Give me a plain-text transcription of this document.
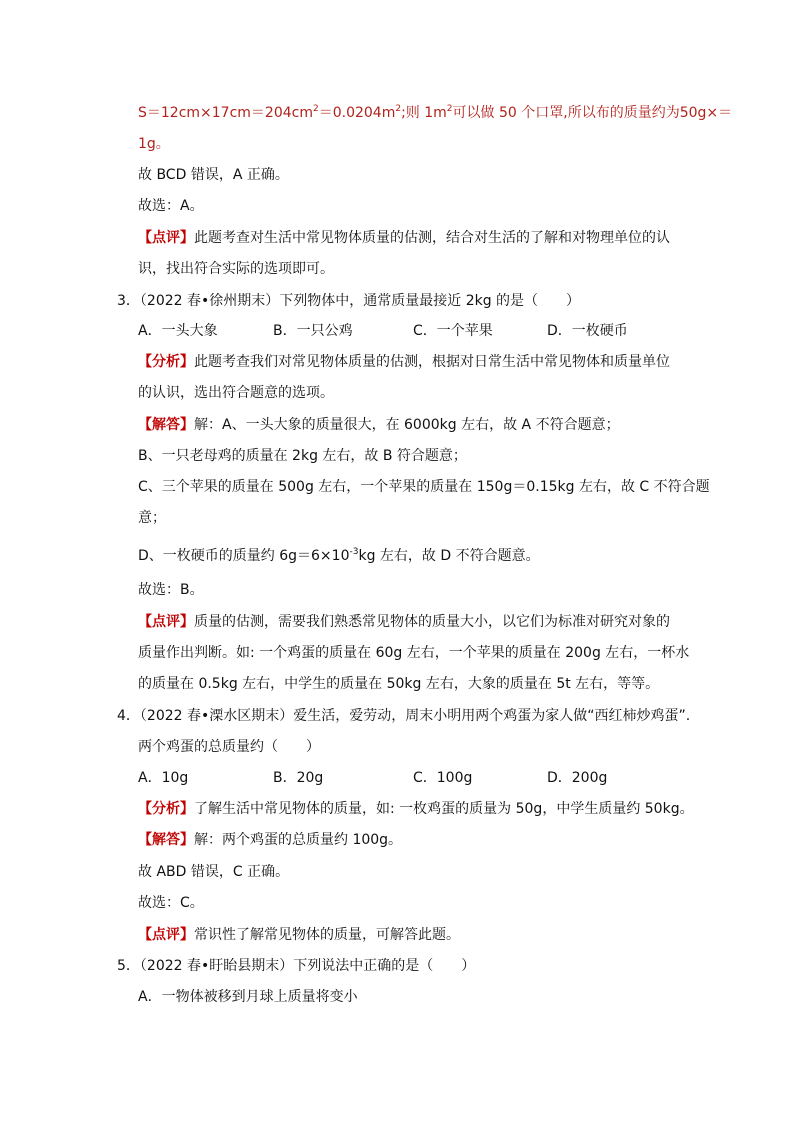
$S=12cm\times 17cm=204cm^2=0.0204m^2$;则 $1m^2$可以做 50 个口罩,所以布的质量约为50g×＝
1g。
故 BCD 错误，A 正确。
故选：A。
【点评】此题考查对生活中常见物体质量的估测，结合对生活的了解和对物理单位的认
识，找出符合实际的选项即可。
3．（2022 春•徐州期末）下列物体中，通常质量最接近 2kg 的是（　　）
A．一头大象	B．一只公鸡	C．一个苹果	D．一枚硬币
【分析】此题考查我们对常见物体质量的估测，根据对日常生活中常见物体和质量单位
的认识，选出符合题意的选项。
【解答】解：A、一头大象的质量很大，在 6000kg 左右，故 A 不符合题意；
B、一只老母鸡的质量在 2kg 左右，故 B 符合题意；
C、三个苹果的质量在 500g 左右，一个苹果的质量在 150g＝0.15kg 左右，故 C 不符合题
意；
D、一枚硬币的质量约 $6g=6\times 10^{-3}kg$ 左右，故 D 不符合题意。
故选：B。
【点评】质量的估测，需要我们熟悉常见物体的质量大小，以它们为标准对研究对象的
质量作出判断。如: 一个鸡蛋的质量在 60g 左右，一个苹果的质量在 200g 左右，一杯水
的质量在 0.5kg 左右，中学生的质量在 50kg 左右，大象的质量在 5t 左右，等等。
4．（2022 春•溧水区期末）爱生活，爱劳动，周末小明用两个鸡蛋为家人做“西红柿炒鸡蛋”.
两个鸡蛋的总质量约（　　）
A．10g	B．20g	C．100g	D．200g
【分析】了解生活中常见物体的质量，如: 一枚鸡蛋的质量为 50g，中学生质量约 50kg。
【解答】解：两个鸡蛋的总质量约 100g。
故 ABD 错误，C 正确。
故选：C。
【点评】常识性了解常见物体的质量，可解答此题。
5．（2022 春•盱眙县期末）下列说法中正确的是（　　）
A．一物体被移到月球上质量将变小
